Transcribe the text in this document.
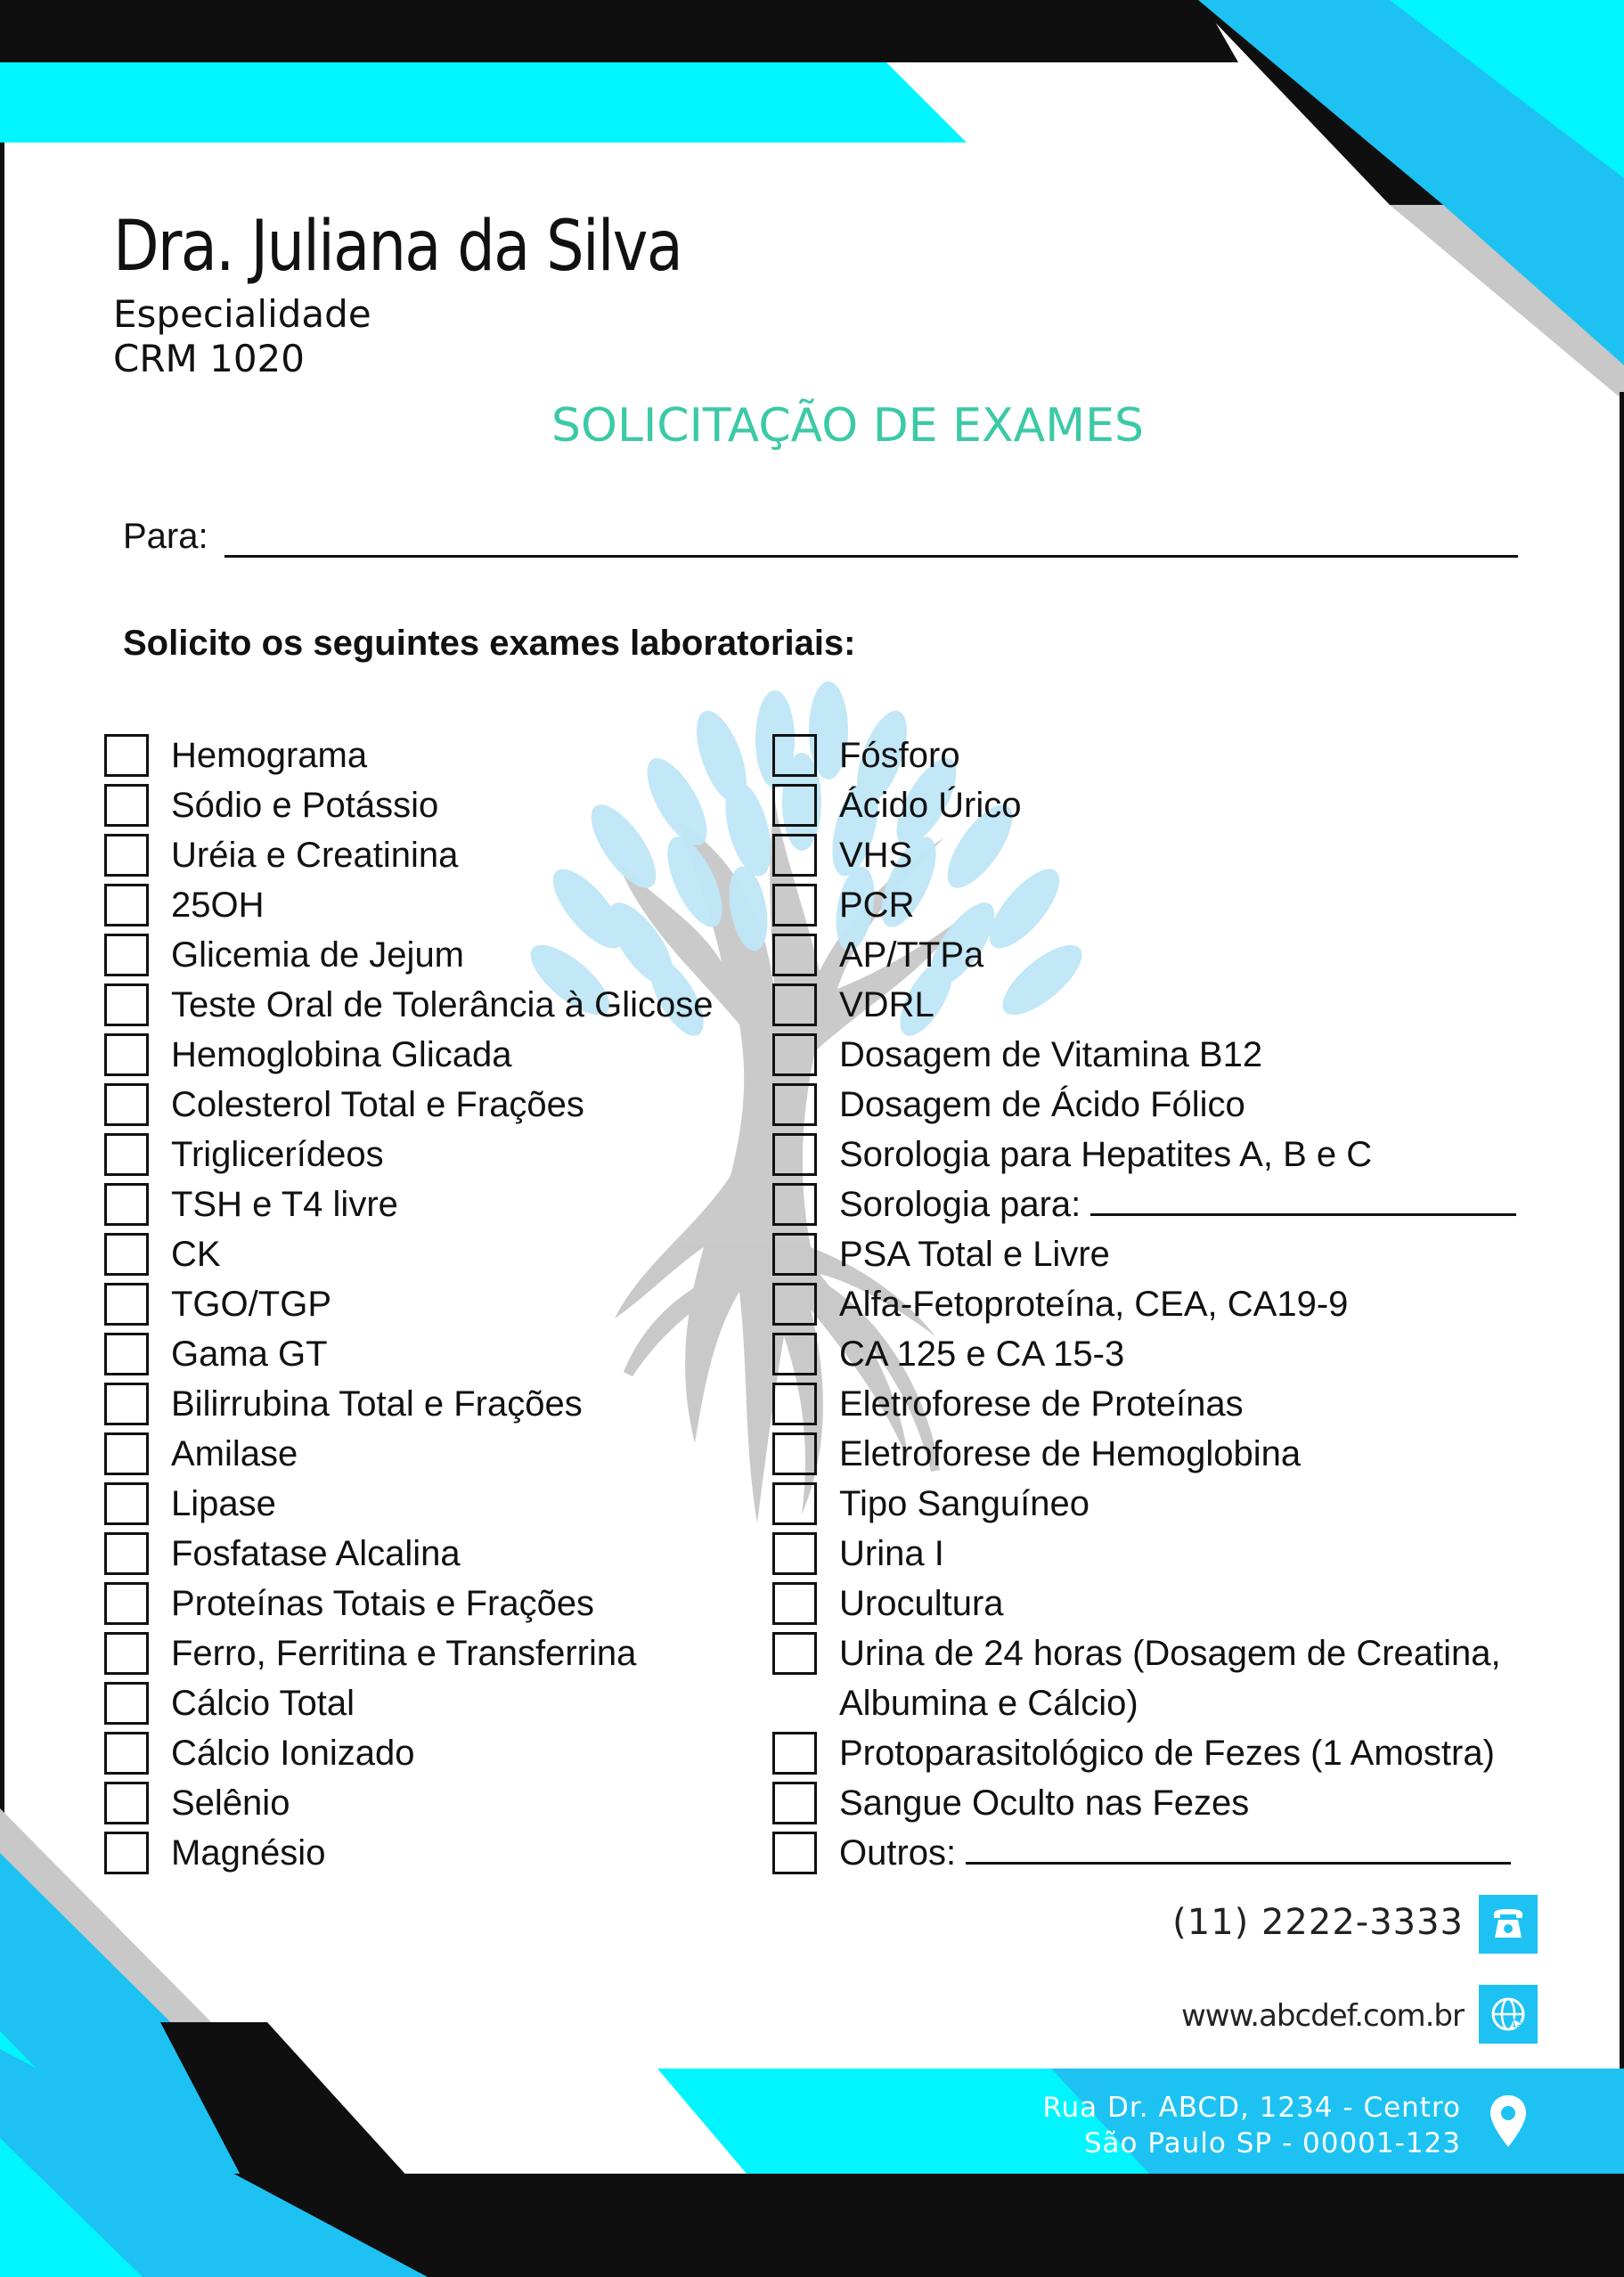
Dra. Juliana da Silva
Especialidade
CRM 1020
SOLICITAÇÃO DE EXAMES
Para:
Solicito os seguintes exames laboratoriais:
Hemograma
Sódio e Potássio
Uréia e Creatinina
25OH
Glicemia de Jejum
Teste Oral de Tolerância à Glicose
Hemoglobina Glicada
Colesterol Total e Frações
Triglicerídeos
TSH e T4 livre
CK
TGO/TGP
Gama GT
Bilirrubina Total e Frações
Amilase
Lipase
Fosfatase Alcalina
Proteínas Totais e Frações
Ferro, Ferritina e Transferrina
Cálcio Total
Cálcio Ionizado
Selênio
Magnésio
Fósforo
Ácido Úrico
VHS
PCR
AP/TTPa
VDRL
Dosagem de Vitamina B12
Dosagem de Ácido Fólico
Sorologia para Hepatites A, B e C
Sorologia para:
PSA Total e Livre
Alfa-Fetoproteína, CEA, CA19-9
CA 125 e CA 15-3
Eletroforese de Proteínas
Eletroforese de Hemoglobina
Tipo Sanguíneo
Urina I
Urocultura
Urina de 24 horas (Dosagem de Creatina,
Albumina e Cálcio)
Protoparasitológico de Fezes (1 Amostra)
Sangue Oculto nas Fezes
Outros:
(11) 2222-3333
www.abcdef.com.br
Rua Dr. ABCD, 1234 - Centro
São Paulo SP - 00001-123
